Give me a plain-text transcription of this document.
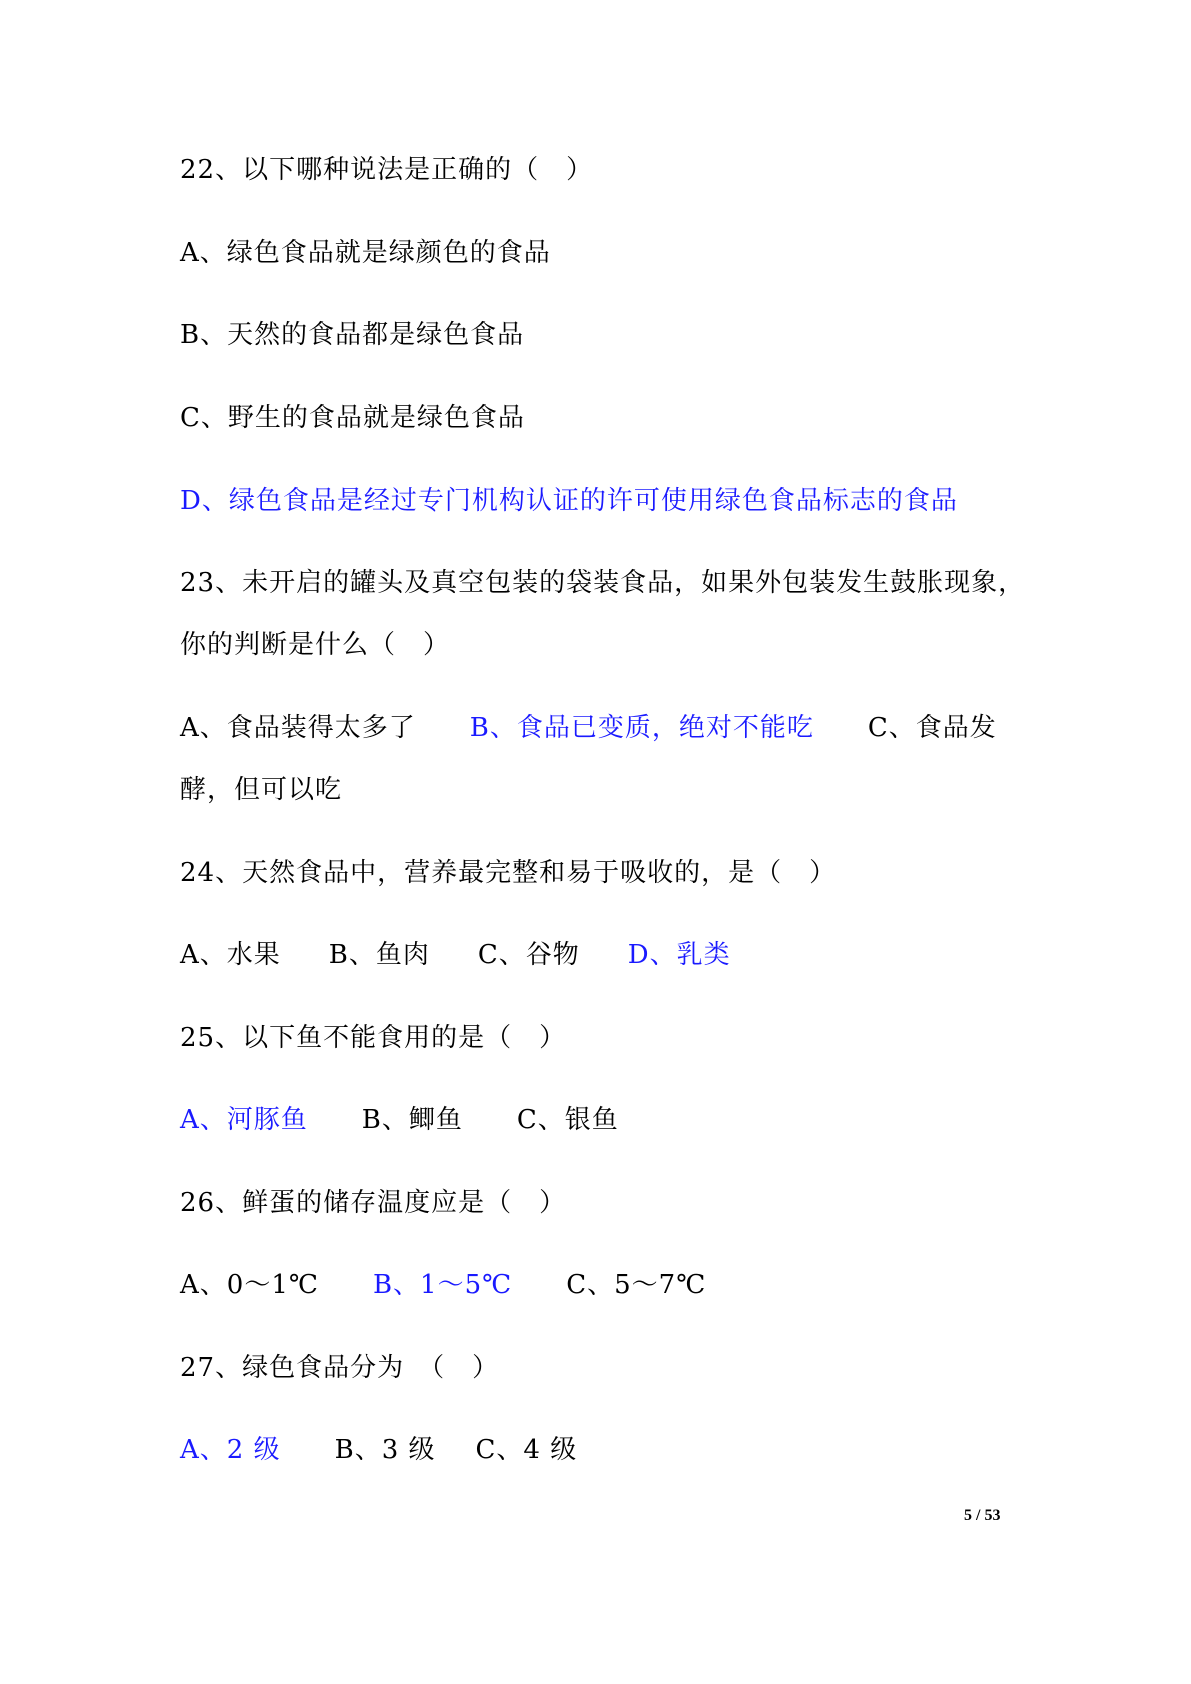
22、以下哪种说法是正确的（　）
A、绿色食品就是绿颜色的食品
B、天然的食品都是绿色食品
C、野生的食品就是绿色食品
D、绿色食品是经过专门机构认证的许可使用绿色食品标志的食品
23、未开启的罐头及真空包装的袋装食品，如果外包装发生鼓胀现象，
你的判断是什么（　）
A、食品装得太多了 B、食品已变质，绝对不能吃 C、食品发
酵，但可以吃
24、天然食品中，营养最完整和易于吸收的，是（　）
A、水果 B、鱼肉 C、谷物 D、乳类
25、以下鱼不能食用的是（　）
A、河豚鱼 B、鲫鱼 C、银鱼
26、鲜蛋的储存温度应是（　）
A、0～1℃ B、1～5℃ C、5～7℃
27、绿色食品分为　（　）
A、2 级 B、3 级 C、4 级
5 / 53
